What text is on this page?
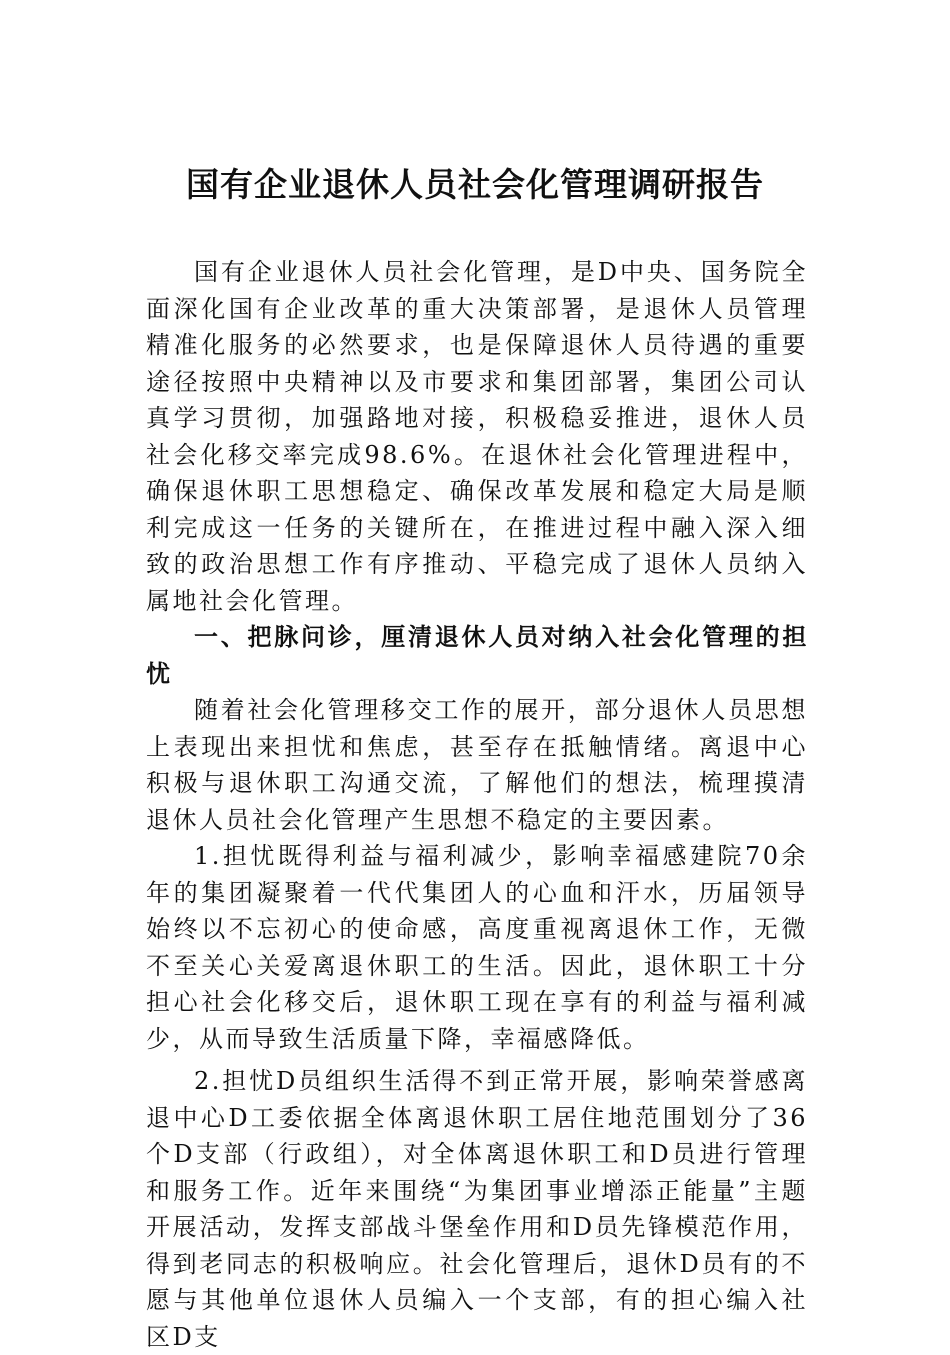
国有企业退休人员社会化管理调研报告

国有企业退休人员社会化管理，是D中央、国务院全面深化国有企业改革的重大决策部署，是退休人员管理精准化服务的必然要求，也是保障退休人员待遇的重要途径按照中央精神以及市要求和集团部署，集团公司认真学习贯彻，加强路地对接，积极稳妥推进，退休人员社会化移交率完成98.6%。在退休社会化管理进程中，确保退休职工思想稳定、确保改革发展和稳定大局是顺利完成这一任务的关键所在，在推进过程中融入深入细致的政治思想工作有序推动、平稳完成了退休人员纳入属地社会化管理。

一、把脉问诊，厘清退休人员对纳入社会化管理的担忧

随着社会化管理移交工作的展开，部分退休人员思想上表现出来担忧和焦虑，甚至存在抵触情绪。离退中心积极与退休职工沟通交流，了解他们的想法，梳理摸清退休人员社会化管理产生思想不稳定的主要因素。

1.担忧既得利益与福利减少，影响幸福感建院70余年的集团凝聚着一代代集团人的心血和汗水，历届领导始终以不忘初心的使命感，高度重视离退休工作，无微不至关心关爱离退休职工的生活。因此，退休职工十分担心社会化移交后，退休职工现在享有的利益与福利减少，从而导致生活质量下降，幸福感降低。

2.担忧D员组织生活得不到正常开展，影响荣誉感离退中心D工委依据全体离退休职工居住地范围划分了36个D支部（行政组），对全体离退休职工和D员进行管理和服务工作。近年来围绕“为集团事业增添正能量”主题开展活动，发挥支部战斗堡垒作用和D员先锋模范作用，得到老同志的积极响应。社会化管理后，退休D员有的不愿与其他单位退休人员编入一个支部，有的担心编入社区D支
